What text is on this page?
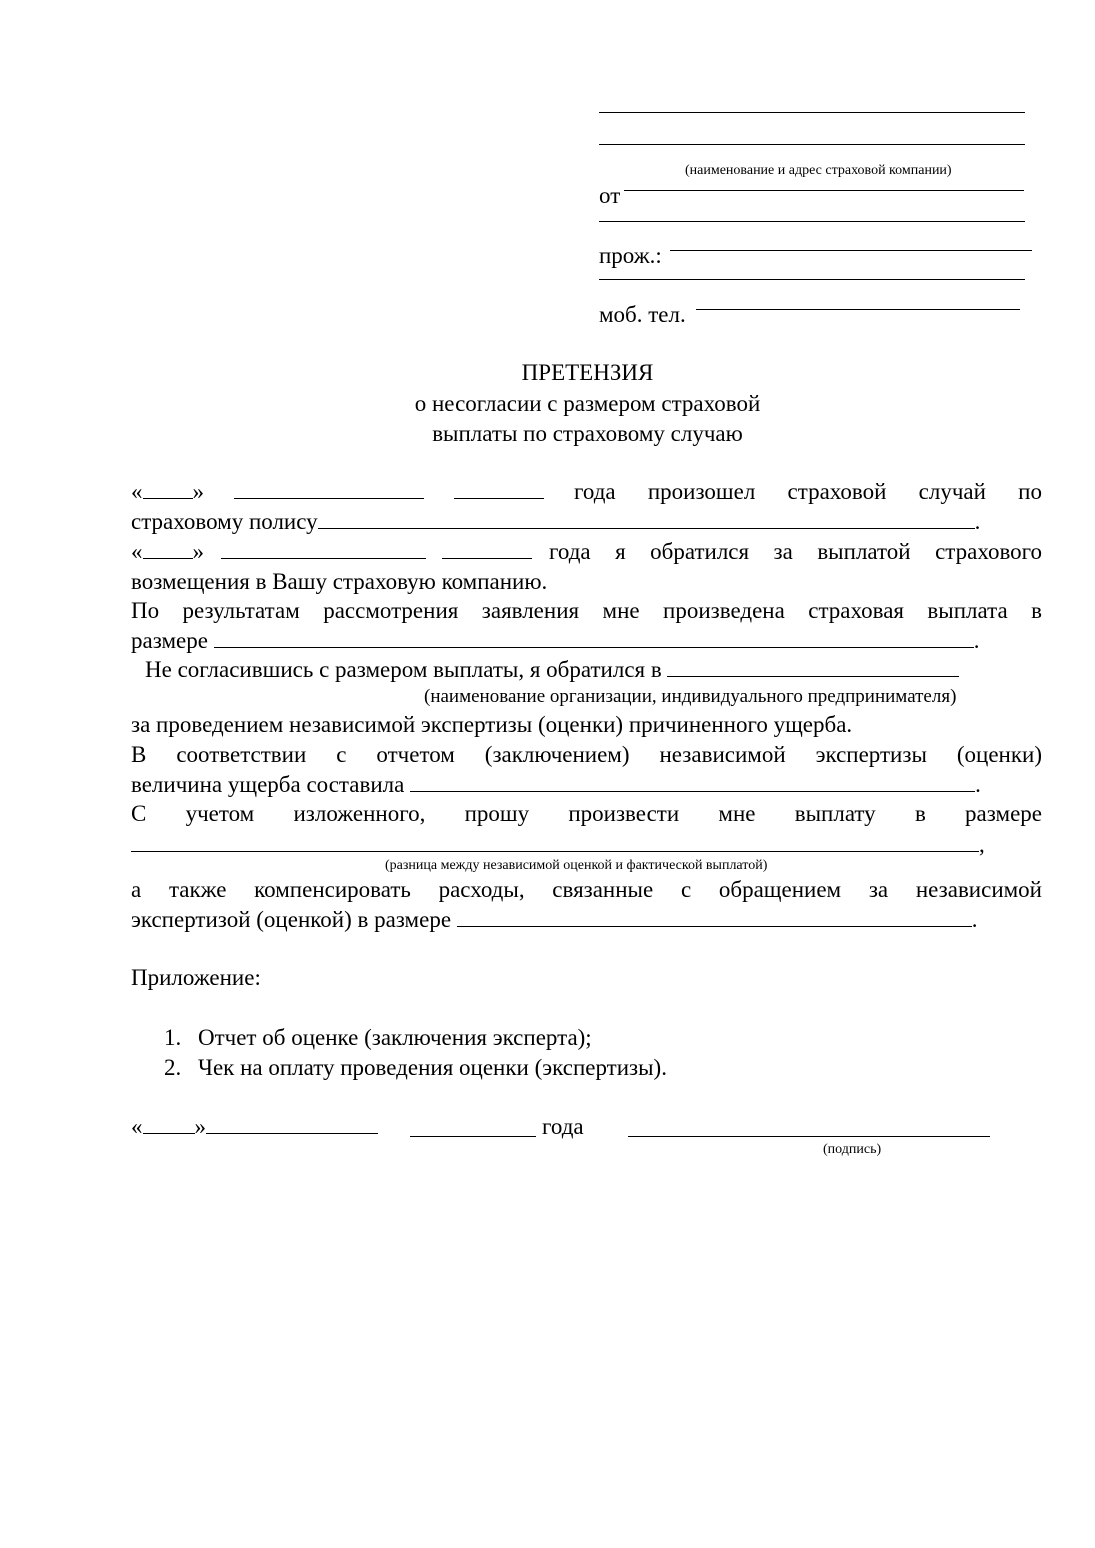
(наименование и адрес страховой компании)
от
прож.:
моб. тел.
ПРЕТЕНЗИЯ
о несогласии с размером страховой
выплаты по страховому случаю
« »	года произошел страховой случай по
страховому полису	.
« »	года я обратился за выплатой страхового
возмещения в Вашу страховую компанию.
По результатам рассмотрения заявления мне произведена страховая выплата в
размере	.
Не согласившись с размером выплаты, я обратился в
(наименование организации, индивидуального предпринимателя)
за проведением независимой экспертизы (оценки) причиненного ущерба.
В соответствии с отчетом (заключением) независимой экспертизы (оценки)
величина ущерба составила	.
С учетом изложенного, прошу произвести мне выплату в размере
,
(разница между независимой оценкой и фактической выплатой)
а также компенсировать расходы, связанные с обращением за независимой
экспертизой (оценкой) в размере	.
Приложение:
1. Отчет об оценке (заключения эксперта);
2. Чек на оплату проведения оценки (экспертизы).
« »	года
(подпись)
